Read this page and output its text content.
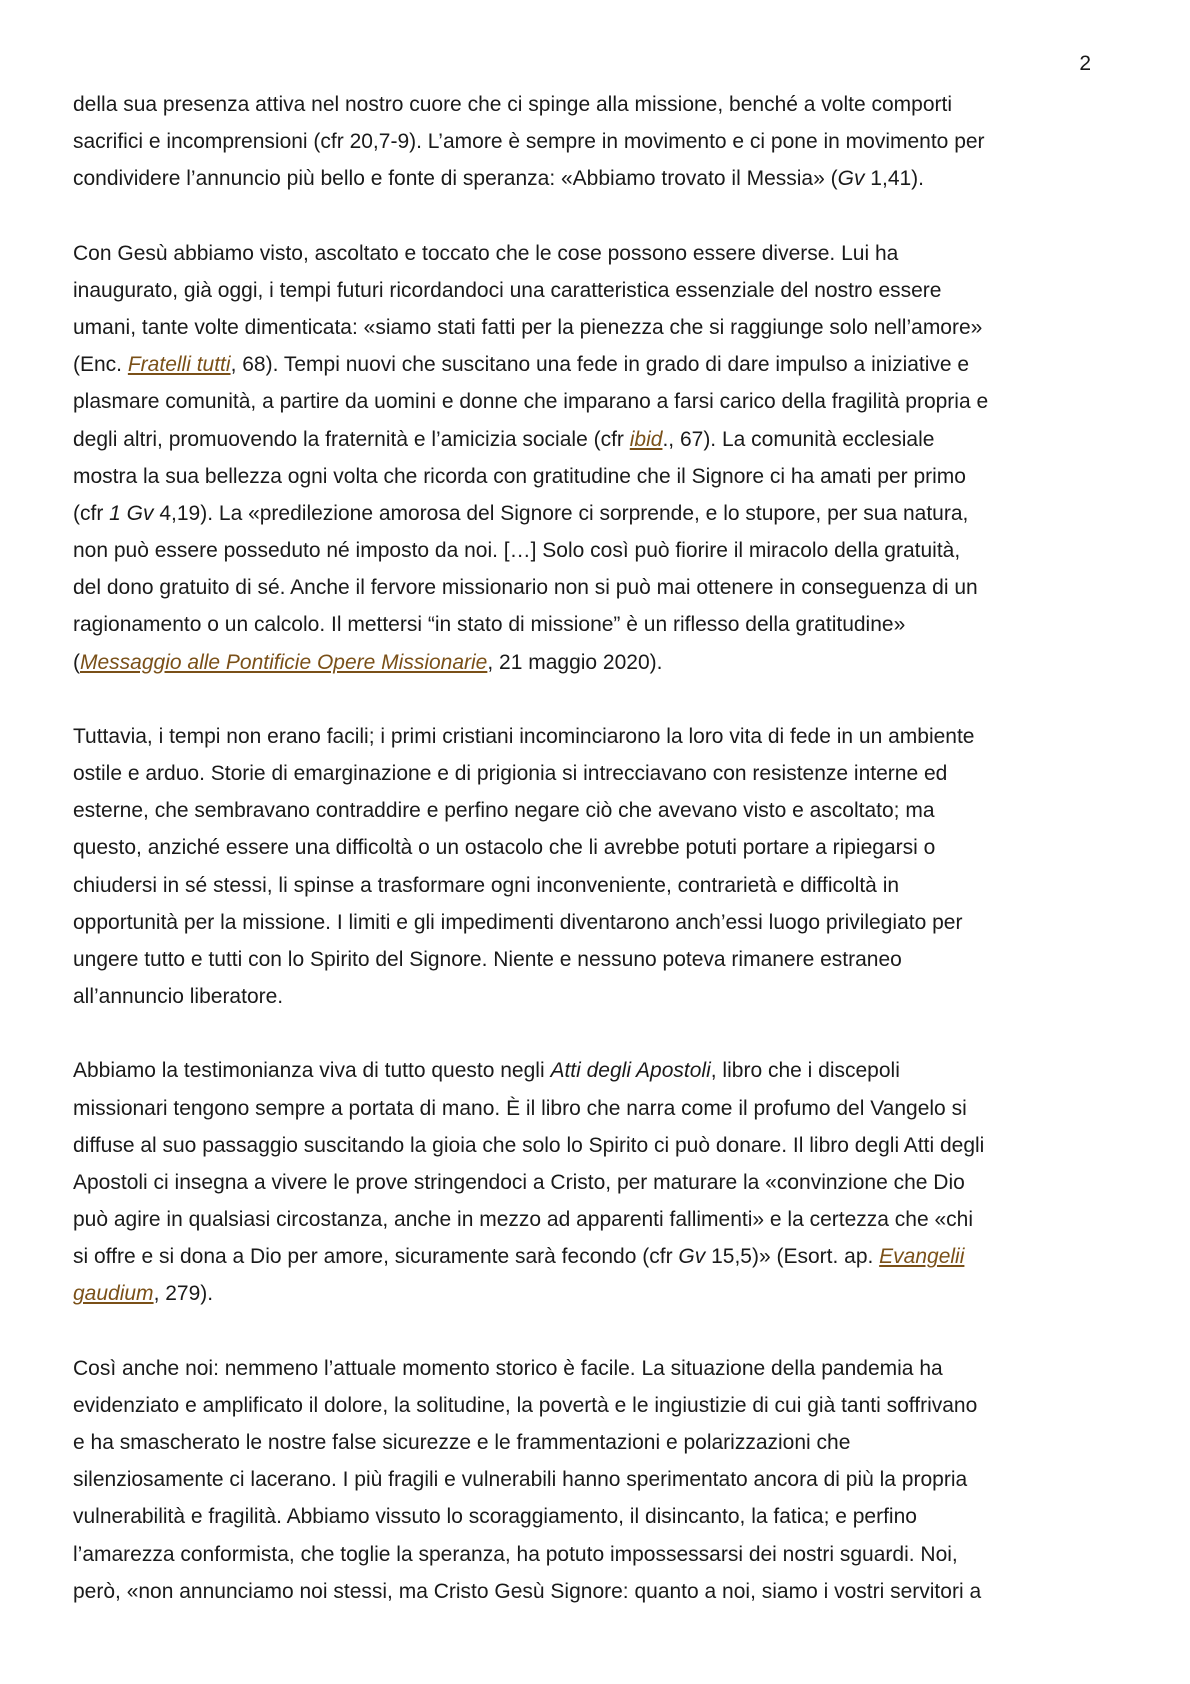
2

della sua presenza attiva nel nostro cuore che ci spinge alla missione, benché a volte comporti
sacrifici e incomprensioni (cfr 20,7-9). L’amore è sempre in movimento e ci pone in movimento per
condividere l’annuncio più bello e fonte di speranza: «Abbiamo trovato il Messia» (Gv 1,41).

Con Gesù abbiamo visto, ascoltato e toccato che le cose possono essere diverse. Lui ha
inaugurato, già oggi, i tempi futuri ricordandoci una caratteristica essenziale del nostro essere
umani, tante volte dimenticata: «siamo stati fatti per la pienezza che si raggiunge solo nell’amore»
(Enc. Fratelli tutti, 68). Tempi nuovi che suscitano una fede in grado di dare impulso a iniziative e
plasmare comunità, a partire da uomini e donne che imparano a farsi carico della fragilità propria e
degli altri, promuovendo la fraternità e l’amicizia sociale (cfr ibid., 67). La comunità ecclesiale
mostra la sua bellezza ogni volta che ricorda con gratitudine che il Signore ci ha amati per primo
(cfr 1 Gv 4,19). La «predilezione amorosa del Signore ci sorprende, e lo stupore, per sua natura,
non può essere posseduto né imposto da noi. […] Solo così può fiorire il miracolo della gratuità,
del dono gratuito di sé. Anche il fervore missionario non si può mai ottenere in conseguenza di un
ragionamento o un calcolo. Il mettersi “in stato di missione” è un riflesso della gratitudine»
(Messaggio alle Pontificie Opere Missionarie, 21 maggio 2020).

Tuttavia, i tempi non erano facili; i primi cristiani incominciarono la loro vita di fede in un ambiente
ostile e arduo. Storie di emarginazione e di prigionia si intrecciavano con resistenze interne ed
esterne, che sembravano contraddire e perfino negare ciò che avevano visto e ascoltato; ma
questo, anziché essere una difficoltà o un ostacolo che li avrebbe potuti portare a ripiegarsi o
chiudersi in sé stessi, li spinse a trasformare ogni inconveniente, contrarietà e difficoltà in
opportunità per la missione. I limiti e gli impedimenti diventarono anch’essi luogo privilegiato per
ungere tutto e tutti con lo Spirito del Signore. Niente e nessuno poteva rimanere estraneo
all’annuncio liberatore.

Abbiamo la testimonianza viva di tutto questo negli Atti degli Apostoli, libro che i discepoli
missionari tengono sempre a portata di mano. È il libro che narra come il profumo del Vangelo si
diffuse al suo passaggio suscitando la gioia che solo lo Spirito ci può donare. Il libro degli Atti degli
Apostoli ci insegna a vivere le prove stringendoci a Cristo, per maturare la «convinzione che Dio
può agire in qualsiasi circostanza, anche in mezzo ad apparenti fallimenti» e la certezza che «chi
si offre e si dona a Dio per amore, sicuramente sarà fecondo (cfr Gv 15,5)» (Esort. ap. Evangelii
gaudium, 279).

Così anche noi: nemmeno l’attuale momento storico è facile. La situazione della pandemia ha
evidenziato e amplificato il dolore, la solitudine, la povertà e le ingiustizie di cui già tanti soffrivano
e ha smascherato le nostre false sicurezze e le frammentazioni e polarizzazioni che
silenziosamente ci lacerano. I più fragili e vulnerabili hanno sperimentato ancora di più la propria
vulnerabilità e fragilità. Abbiamo vissuto lo scoraggiamento, il disincanto, la fatica; e perfino
l’amarezza conformista, che toglie la speranza, ha potuto impossessarsi dei nostri sguardi. Noi,
però, «non annunciamo noi stessi, ma Cristo Gesù Signore: quanto a noi, siamo i vostri servitori a
